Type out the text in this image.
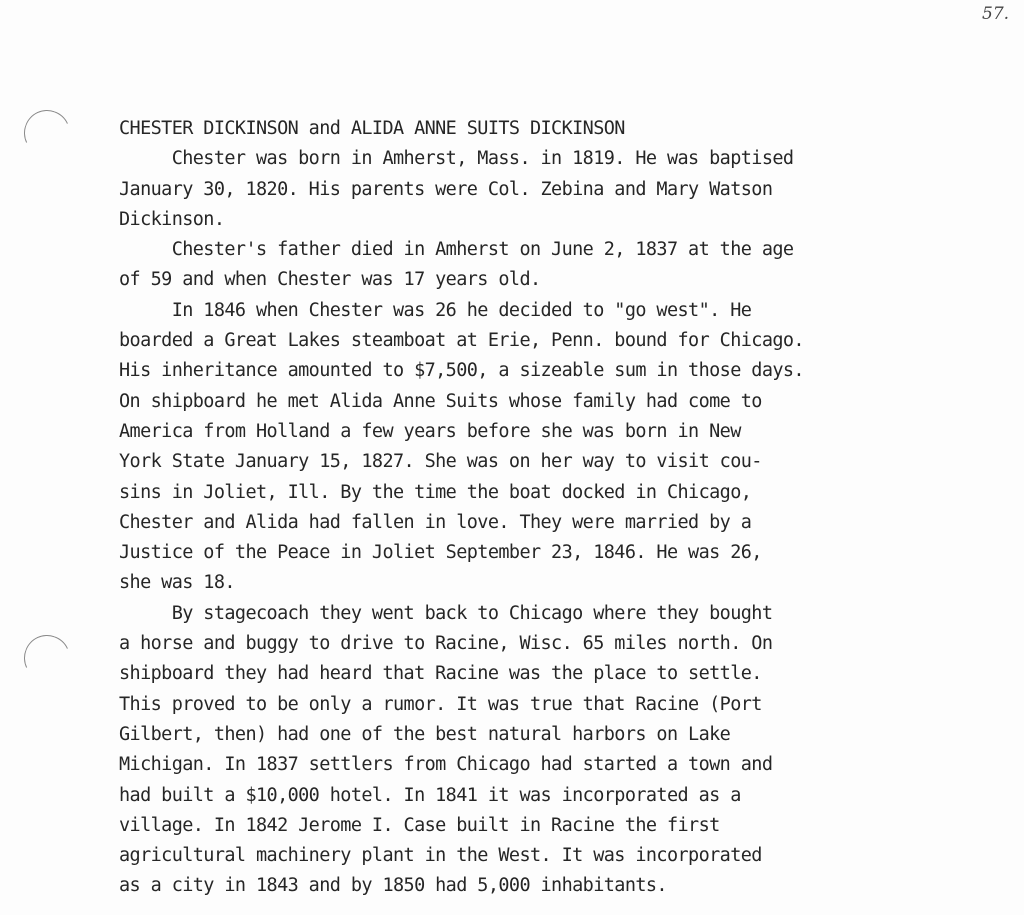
57.
CHESTER DICKINSON and ALIDA ANNE SUITS DICKINSON
Chester was born in Amherst, Mass. in 1819. He was baptised
January 30, 1820. His parents were Col. Zebina and Mary Watson
Dickinson.
Chester's father died in Amherst on June 2, 1837 at the age
of 59 and when Chester was 17 years old.
In 1846 when Chester was 26 he decided to "go west". He
boarded a Great Lakes steamboat at Erie, Penn. bound for Chicago.
His inheritance amounted to $7,500, a sizeable sum in those days.
On shipboard he met Alida Anne Suits whose family had come to
America from Holland a few years before she was born in New
York State January 15, 1827. She was on her way to visit cou-
sins in Joliet, Ill. By the time the boat docked in Chicago,
Chester and Alida had fallen in love. They were married by a
Justice of the Peace in Joliet September 23, 1846. He was 26,
she was 18.
By stagecoach they went back to Chicago where they bought
a horse and buggy to drive to Racine, Wisc. 65 miles north. On
shipboard they had heard that Racine was the place to settle.
This proved to be only a rumor. It was true that Racine (Port
Gilbert, then) had one of the best natural harbors on Lake
Michigan. In 1837 settlers from Chicago had started a town and
had built a $10,000 hotel. In 1841 it was incorporated as a
village. In 1842 Jerome I. Case built in Racine the first
agricultural machinery plant in the West. It was incorporated
as a city in 1843 and by 1850 had 5,000 inhabitants.
